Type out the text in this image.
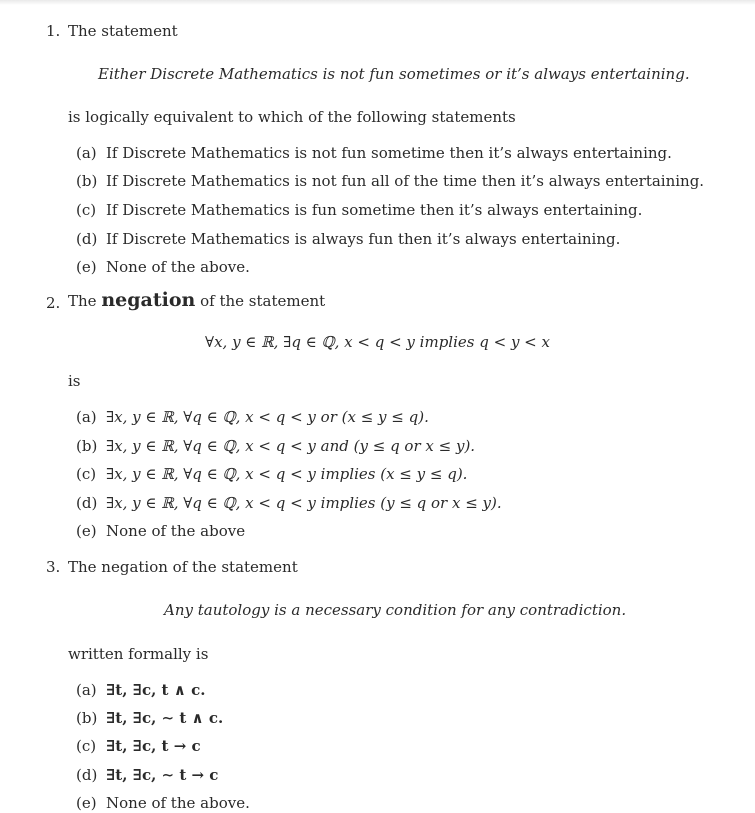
1. The statement
Either Discrete Mathematics is not fun sometimes or it’s always entertaining.
is logically equivalent to which of the following statements
(a) If Discrete Mathematics is not fun sometime then it’s always entertaining.
(b) If Discrete Mathematics is not fun all of the time then it’s always entertaining.
(c) If Discrete Mathematics is fun sometime then it’s always entertaining.
(d) If Discrete Mathematics is always fun then it’s always entertaining.
(e) None of the above.
2. The negation of the statement
∀x, y ∈ ℝ, ∃q ∈ ℚ, x < q < y implies q < y < x
is
(a) ∃x, y ∈ ℝ, ∀q ∈ ℚ, x < q < y or (x ≤ y ≤ q).
(b) ∃x, y ∈ ℝ, ∀q ∈ ℚ, x < q < y and (y ≤ q or x ≤ y).
(c) ∃x, y ∈ ℝ, ∀q ∈ ℚ, x < q < y implies (x ≤ y ≤ q).
(d) ∃x, y ∈ ℝ, ∀q ∈ ℚ, x < q < y implies (y ≤ q or x ≤ y).
(e) None of the above
3. The negation of the statement
Any tautology is a necessary condition for any contradiction.
written formally is
(a) ∃t, ∃c, t ∧ c.
(b) ∃t, ∃c, ∼ t ∧ c.
(c) ∃t, ∃c, t → c
(d) ∃t, ∃c, ∼ t → c
(e) None of the above.
